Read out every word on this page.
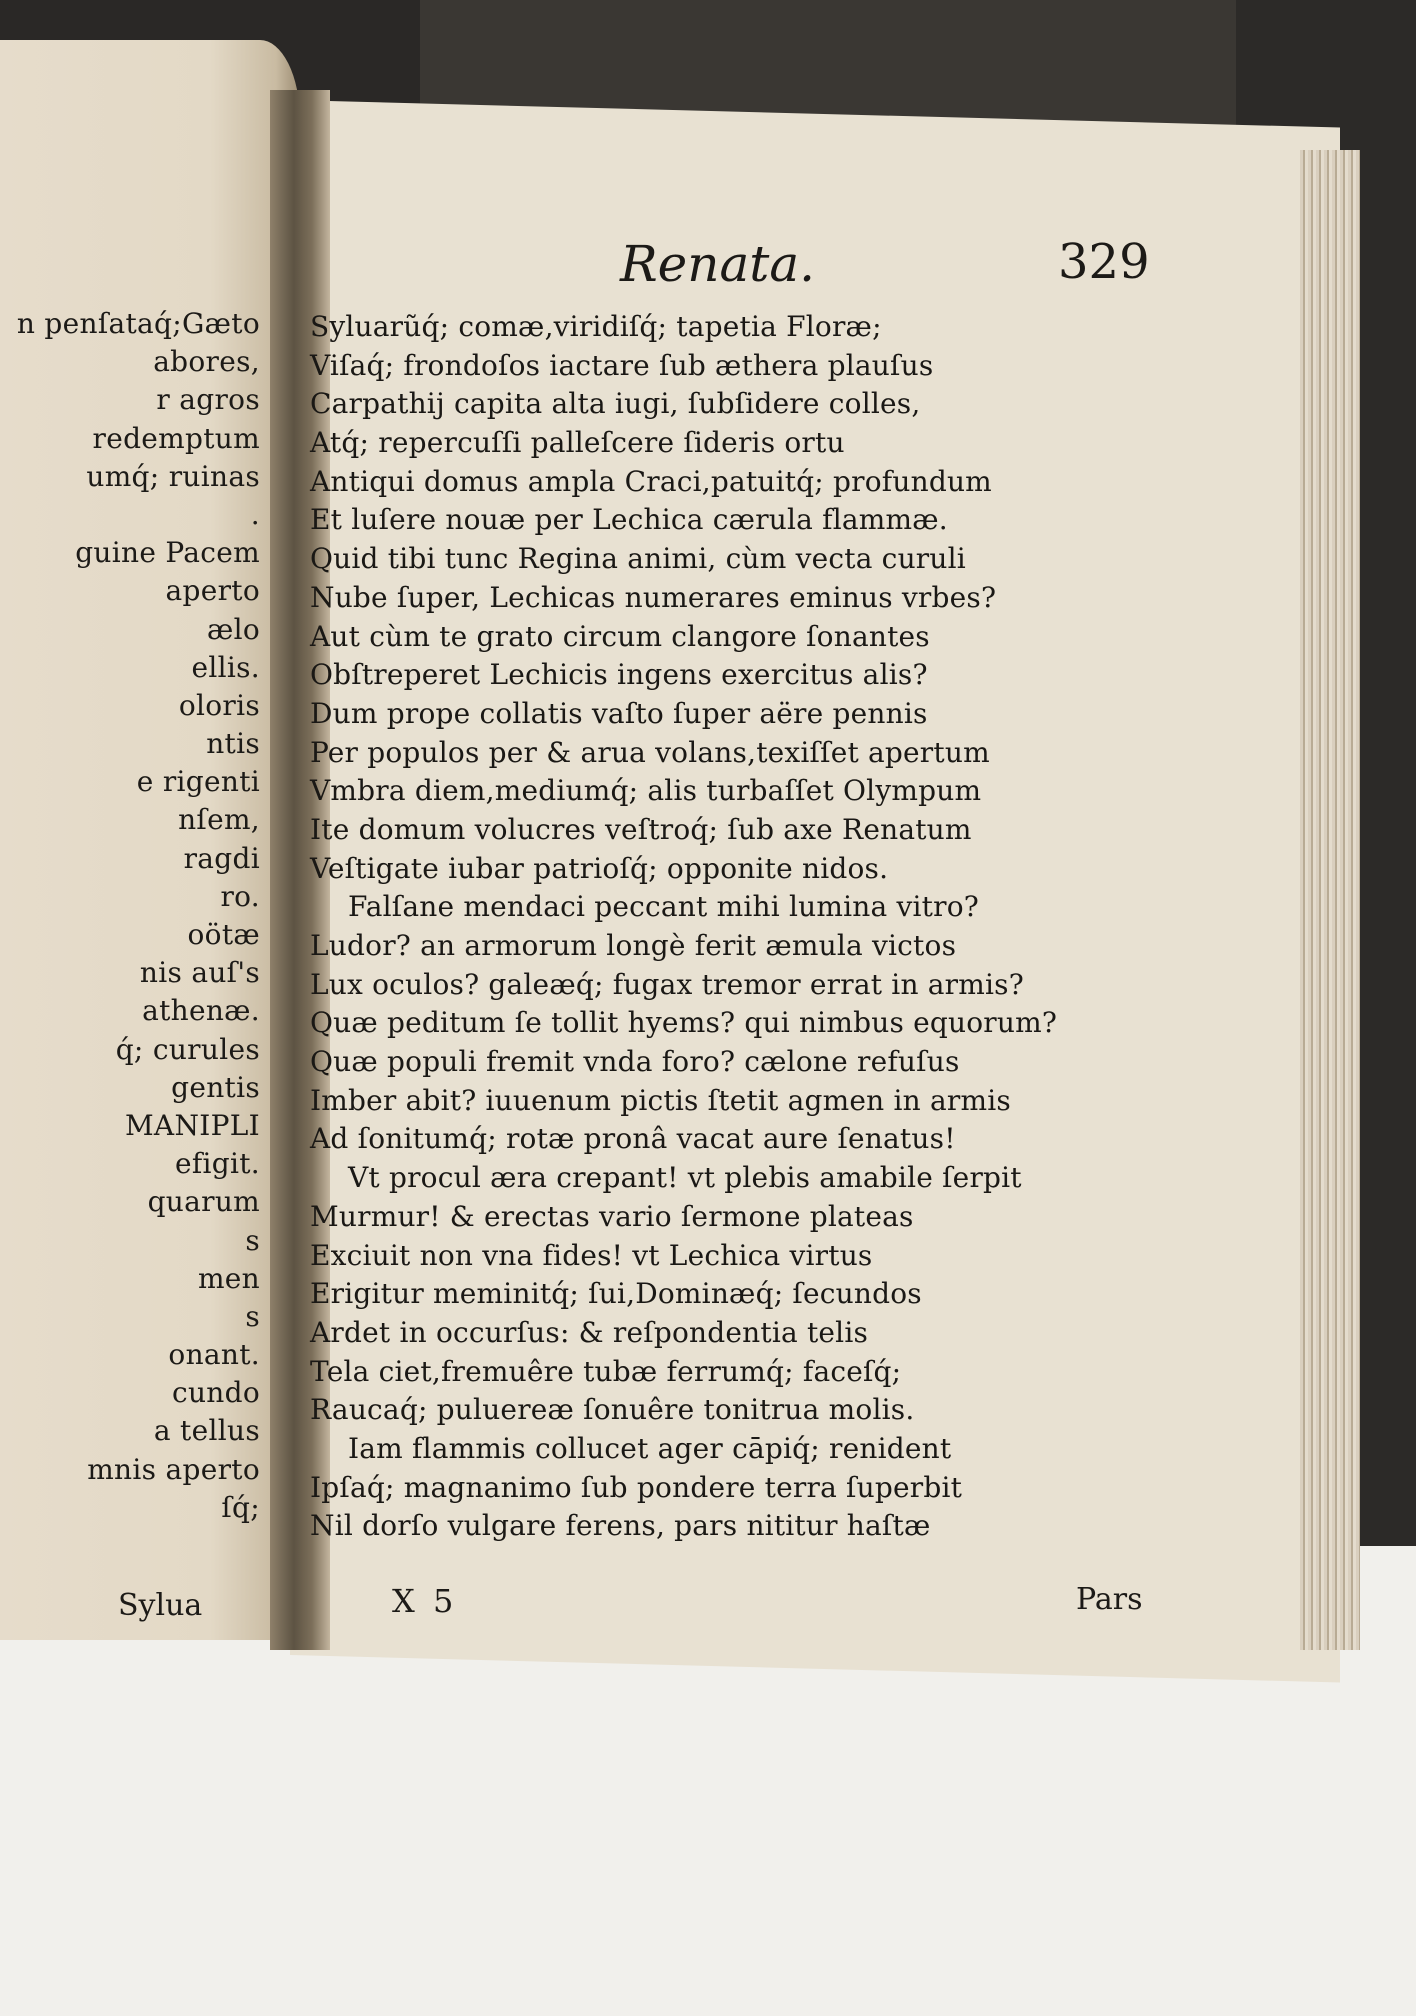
n penſataq́;Gæto
abores,
r agros
redemptum
umq́; ruinas
.
guine Pacem
aperto
ælo
ellis.
oloris
ntis
e rigenti
nſem,
ragdi
ro.
oötæ
nis auſ's
athenæ.
q́; curules
gentis
MANIPLI
efigit.
quarum
s
men
s
onant.
cundo
a tellus
mnis aperto
ſq́;
Sylua
Renata.	329
Syluarũq́; comæ,viridiſq́; tapetia Floræ;
Viſaq́; frondoſos iactare ſub æthera plauſus
Carpathij capita alta iugi, ſubſidere colles,
Atq́; repercuſſi palleſcere ſideris ortu
Antiqui domus ampla Craci,patuitq́; profundum
Et luſere nouæ per Lechica cærula flammæ.
Quid tibi tunc Regina animi, cùm vecta curuli
Nube ſuper, Lechicas numerares eminus vrbes?
Aut cùm te grato circum clangore ſonantes
Obſtreperet Lechicis ingens exercitus alis?
Dum prope collatis vaſto ſuper aëre pennis
Per populos per & arua volans,texiſſet apertum
Vmbra diem,mediumq́; alis turbaſſet Olympum
Ite domum volucres veſtroq́; ſub axe Renatum
Veſtigate iubar patrioſq́; opponite nidos.
Falſane mendaci peccant mihi lumina vitro?
Ludor? an armorum longè ferit æmula victos
Lux oculos? galeæq́; fugax tremor errat in armis?
Quæ peditum ſe tollit hyems? qui nimbus equorum?
Quæ populi fremit vnda foro? cælone refuſus
Imber abit? iuuenum pictis ſtetit agmen in armis
Ad ſonitumq́; rotæ pronâ vacat aure ſenatus!
Vt procul æra crepant! vt plebis amabile ſerpit
Murmur! & erectas vario ſermone plateas
Exciuit non vna fides! vt Lechica virtus
Erigitur meminitq́; ſui,Dominæq́; ſecundos
Ardet in occurſus: & reſpondentia telis
Tela ciet,fremuêre tubæ ferrumq́; faceſq́;
Raucaq́; puluereæ ſonuêre tonitrua molis.
Iam flammis collucet ager cāpiq́; renident
Ipſaq́; magnanimo ſub pondere terra ſuperbit
Nil dorſo vulgare ferens, pars nititur haſtæ
X 5	Pars
